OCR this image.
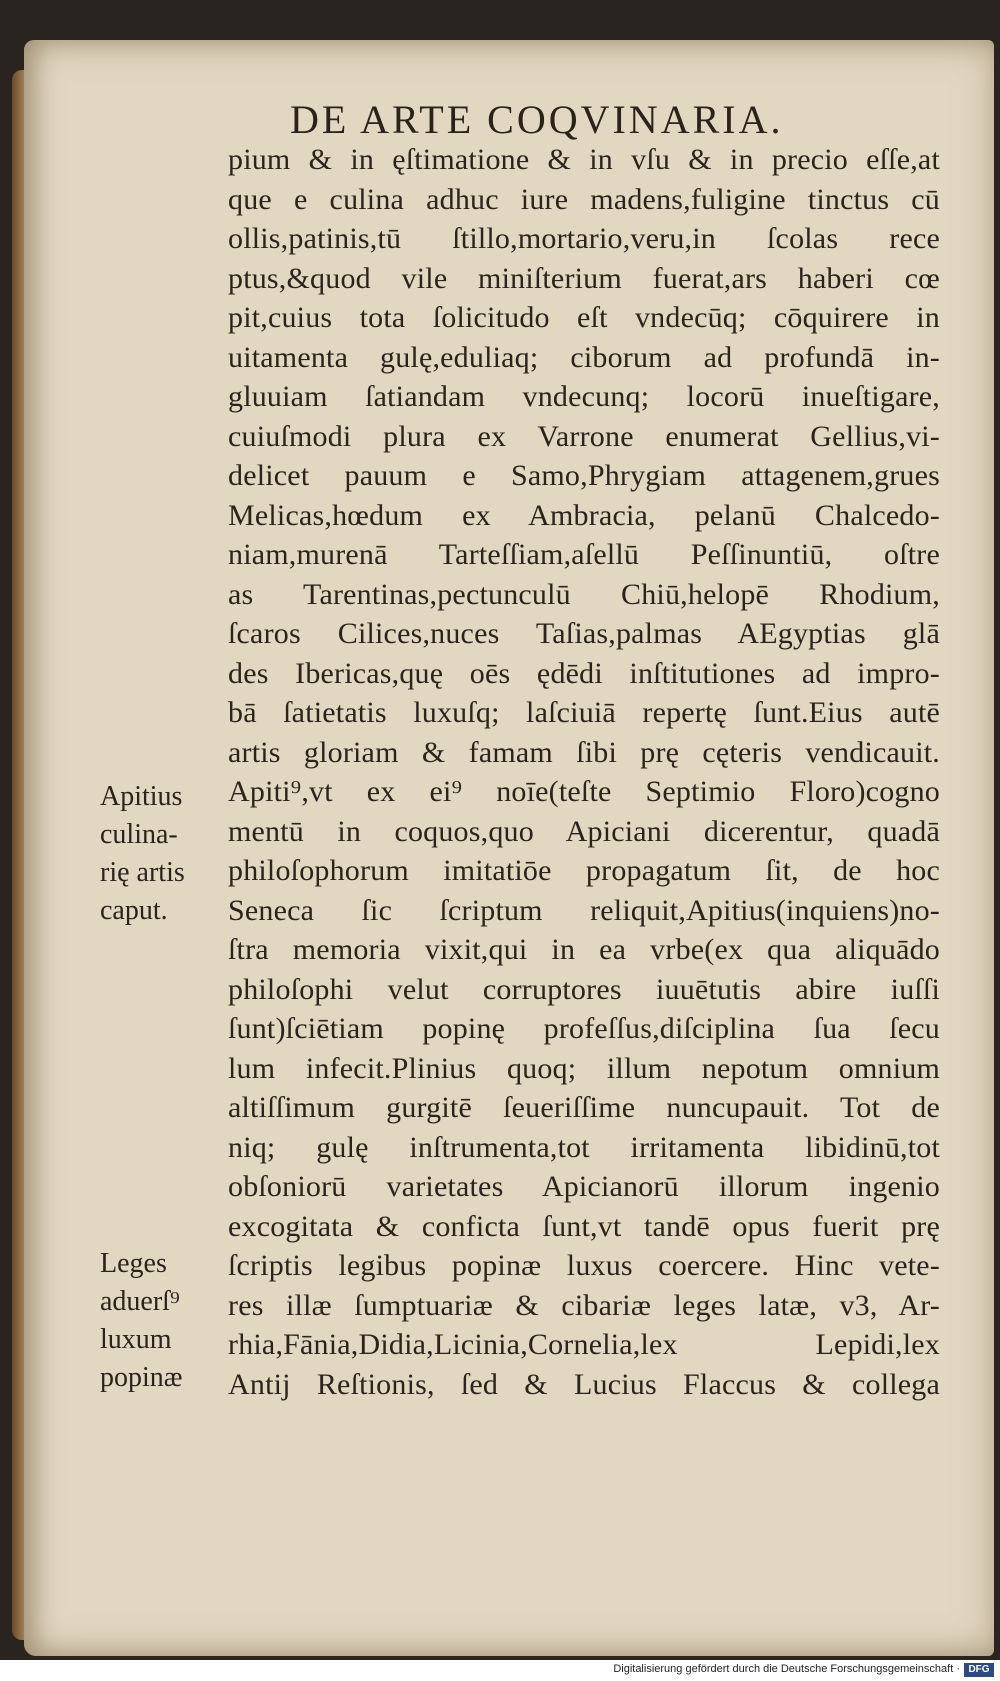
DE ARTE COQVINARIA.
Apitius
culina-
rię artis
caput.
Leges
aduerſ⁹
luxum
popinæ
pium & in ęſtimatione & in vſu & in precio eſſe,at
que e culina adhuc iure madens,fuligine tinctus cū
ollis,patinis,tū ſtillo,mortario,veru,in ſcolas rece
ptus,&quod vile miniſterium fuerat,ars haberi cœ
pit,cuius tota ſolicitudo eſt vndecūq; cōquirere in
uitamenta gulę,eduliaq; ciborum ad profundā in-
gluuiam ſatiandam vndecunq; locorū inueſtigare,
cuiuſmodi plura ex Varrone enumerat Gellius,vi-
delicet pauum e Samo,Phrygiam attagenem,grues
Melicas,hœdum ex Ambracia, pelanū Chalcedo-
niam,murenā Tarteſſiam,aſellū Peſſinuntiū, oſtre
as Tarentinas,pectunculū Chiū,helopē Rhodium,
ſcaros Cilices,nuces Taſias,palmas AEgyptias glā
des Ibericas,quę oēs ędēdi inſtitutiones ad impro-
bā ſatietatis luxuſq; laſciuiā repertę ſunt.Eius autē
artis gloriam & famam ſibi prę cęteris vendicauit.
Apiti⁹,vt ex ei⁹ noīe(teſte Septimio Floro)cogno
mentū in coquos,quo Apiciani dicerentur, quadā
philoſophorum imitatiōe propagatum ſit, de hoc
Seneca ſic ſcriptum reliquit,Apitius(inquiens)no-
ſtra memoria vixit,qui in ea vrbe(ex qua aliquādo
philoſophi velut corruptores iuuētutis abire iuſſi
ſunt)ſciētiam popinę profeſſus,diſciplina ſua ſecu
lum infecit.Plinius quoq; illum nepotum omnium
altiſſimum gurgitē ſeueriſſime nuncupauit. Tot de
niq; gulę inſtrumenta,tot irritamenta libidinū,tot
obſoniorū varietates Apicianorū illorum ingenio
excogitata & conficta ſunt,vt tandē opus fuerit prę
ſcriptis legibus popinæ luxus coercere. Hinc vete-
res illæ ſumptuariæ & cibariæ leges latæ, v3, Ar-
rhia,Fānia,Didia,Licinia,Cornelia,lex Lepidi,lex
Antij Reſtionis, ſed & Lucius Flaccus & collega
Digitalisierung gefördert durch die Deutsche Forschungsgemeinschaft · DFG
